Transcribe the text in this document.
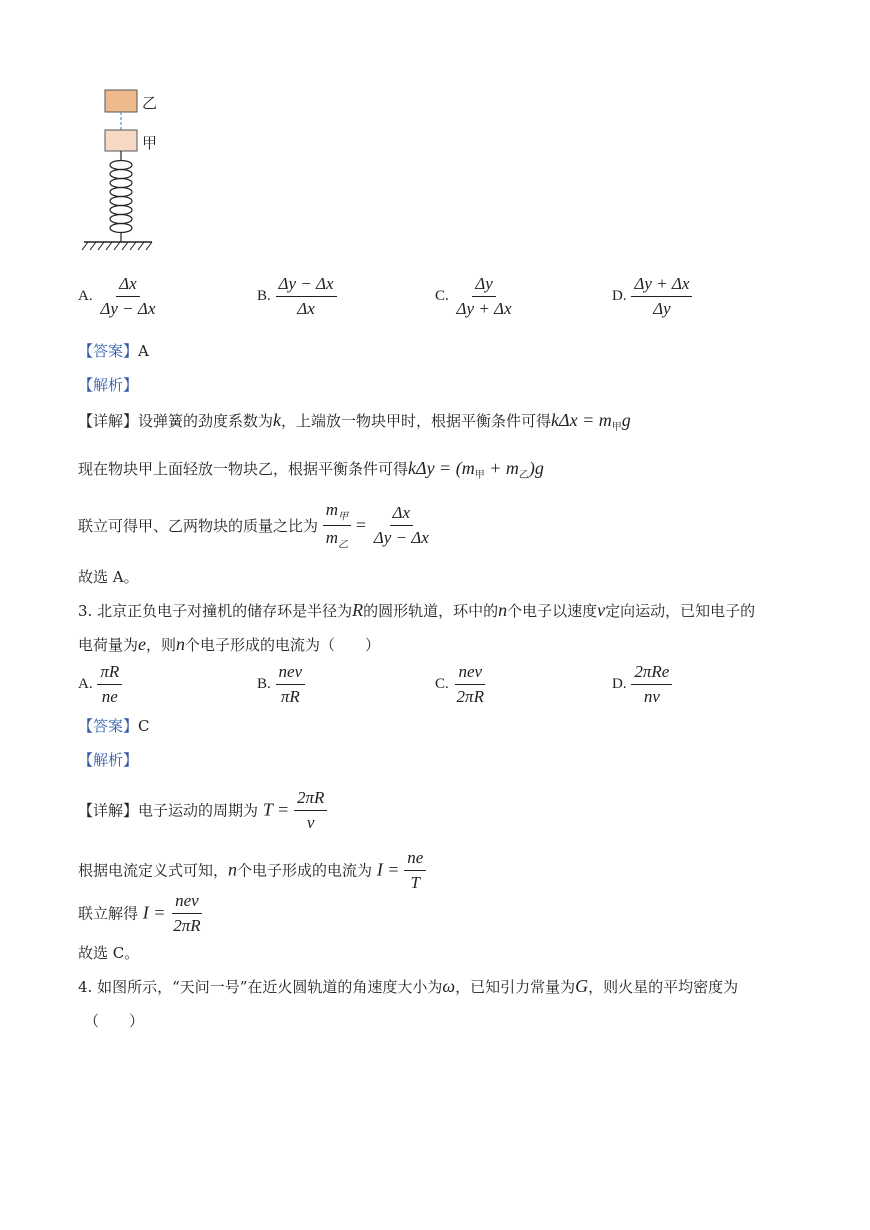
乙
甲
A. $\frac{\Delta x}{\Delta y - \Delta x}$	B. $\frac{\Delta y - \Delta x}{\Delta x}$	C. $\frac{\Delta y}{\Delta y + \Delta x}$	D. $\frac{\Delta y + \Delta x}{\Delta y}$
【答案】A
【解析】
【详解】设弹簧的劲度系数为k，上端放一物块甲时，根据平衡条件可得$k\Delta x = m_甲g$
现在物块甲上面轻放一物块乙，根据平衡条件可得$k\Delta y = (m_甲 + m_乙)g$
联立可得甲、乙两物块的质量之比为 $\frac{m_甲}{m_乙} = \frac{\Delta x}{\Delta y - \Delta x}$
故选 A。
3. 北京正负电子对撞机的储存环是半径为R的圆形轨道，环中的n个电子以速度v定向运动，已知电子的
电荷量为e，则n个电子形成的电流为（　　）
A. $\frac{\pi R}{ne}$	B. $\frac{\text{nev}}{\pi R}$	C. $\frac{\text{nev}}{2\pi R}$	D. $\frac{\text{2πRe}}{nv}$
【答案】C
【解析】
【详解】电子运动的周期为 $T = \frac{2\pi R}{v}$
根据电流定义式可知，n个电子形成的电流为 $I = \frac{ne}{T}$
联立解得 $I = \frac{\text{nev}}{2\pi R}$
故选 C。
4. 如图所示，“天问一号”在近火圆轨道的角速度大小为ω，已知引力常量为G，则火星的平均密度为
（　　）
